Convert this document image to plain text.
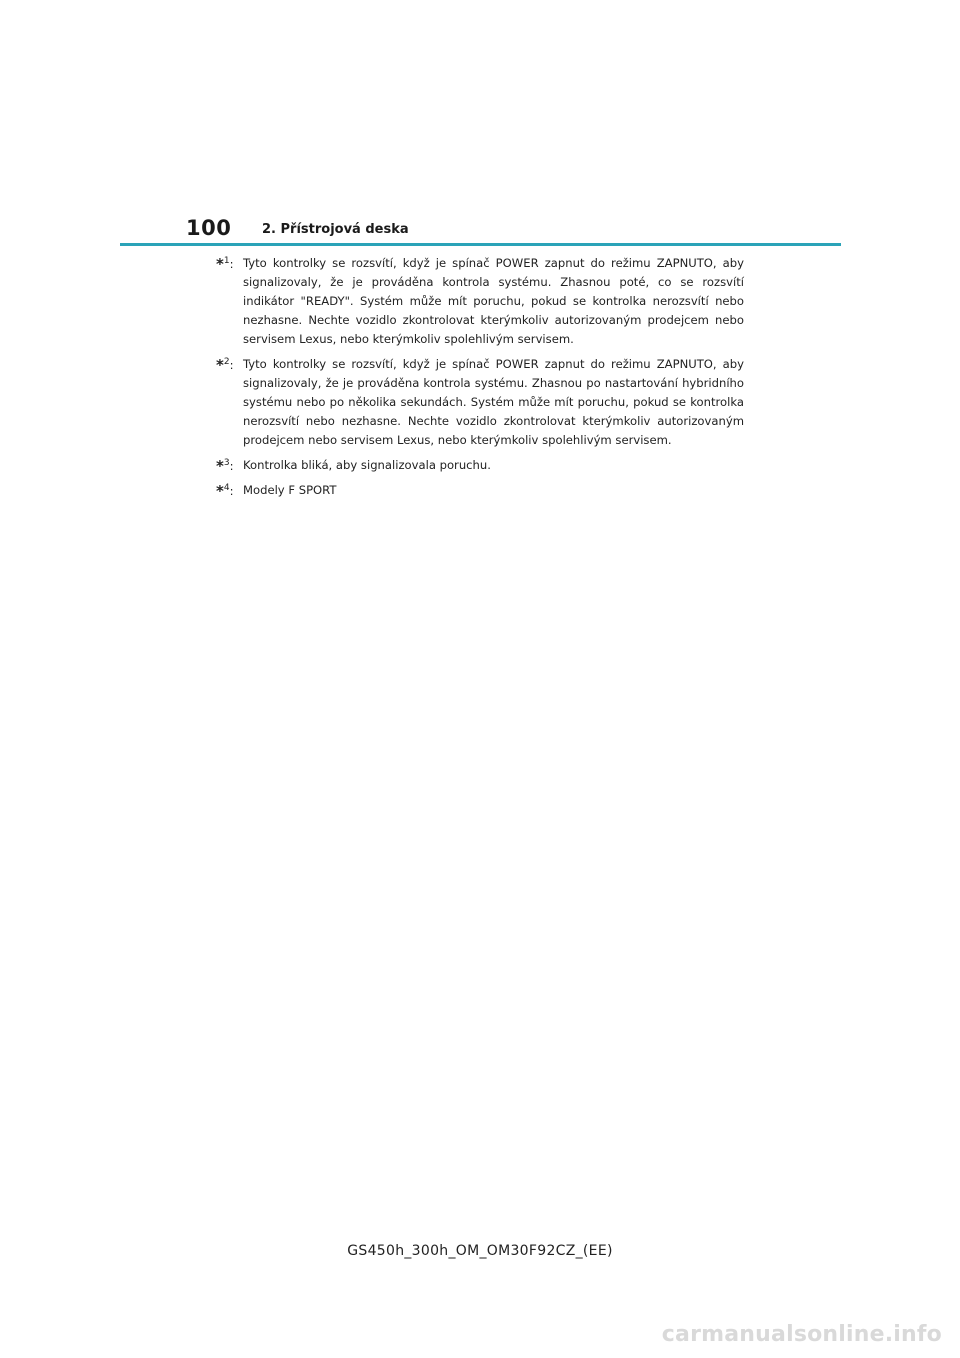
100 2. Přístrojová deska
*$^1$: Tyto kontrolky se rozsvítí, když je spínač POWER zapnut do režimu ZAPNUTO, aby signalizovaly, že je prováděna kontrola systému. Zhasnou poté, co se rozsvítí indikátor "READY". Systém může mít poruchu, pokud se kontrolka nerozsvítí nebo nezhasne. Nechte vozidlo zkontrolovat kterýmkoliv autorizovaným prodejcem nebo servisem Lexus, nebo kterýmkoliv spolehlivým servisem.
*$^2$: Tyto kontrolky se rozsvítí, když je spínač POWER zapnut do režimu ZAPNUTO, aby signalizovaly, že je prováděna kontrola systému. Zhasnou po nastartování hybridního systému nebo po několika sekundách. Systém může mít poruchu, pokud se kontrolka nerozsvítí nebo nezhasne. Nechte vozidlo zkontrolovat kterýmkoliv autorizovaným prodejcem nebo servisem Lexus, nebo kterýmkoliv spolehlivým servisem.
*$^3$: Kontrolka bliká, aby signalizovala poruchu.
*$^4$: Modely F SPORT
GS450h_300h_OM_OM30F92CZ_(EE)
carmanualsonline.info
